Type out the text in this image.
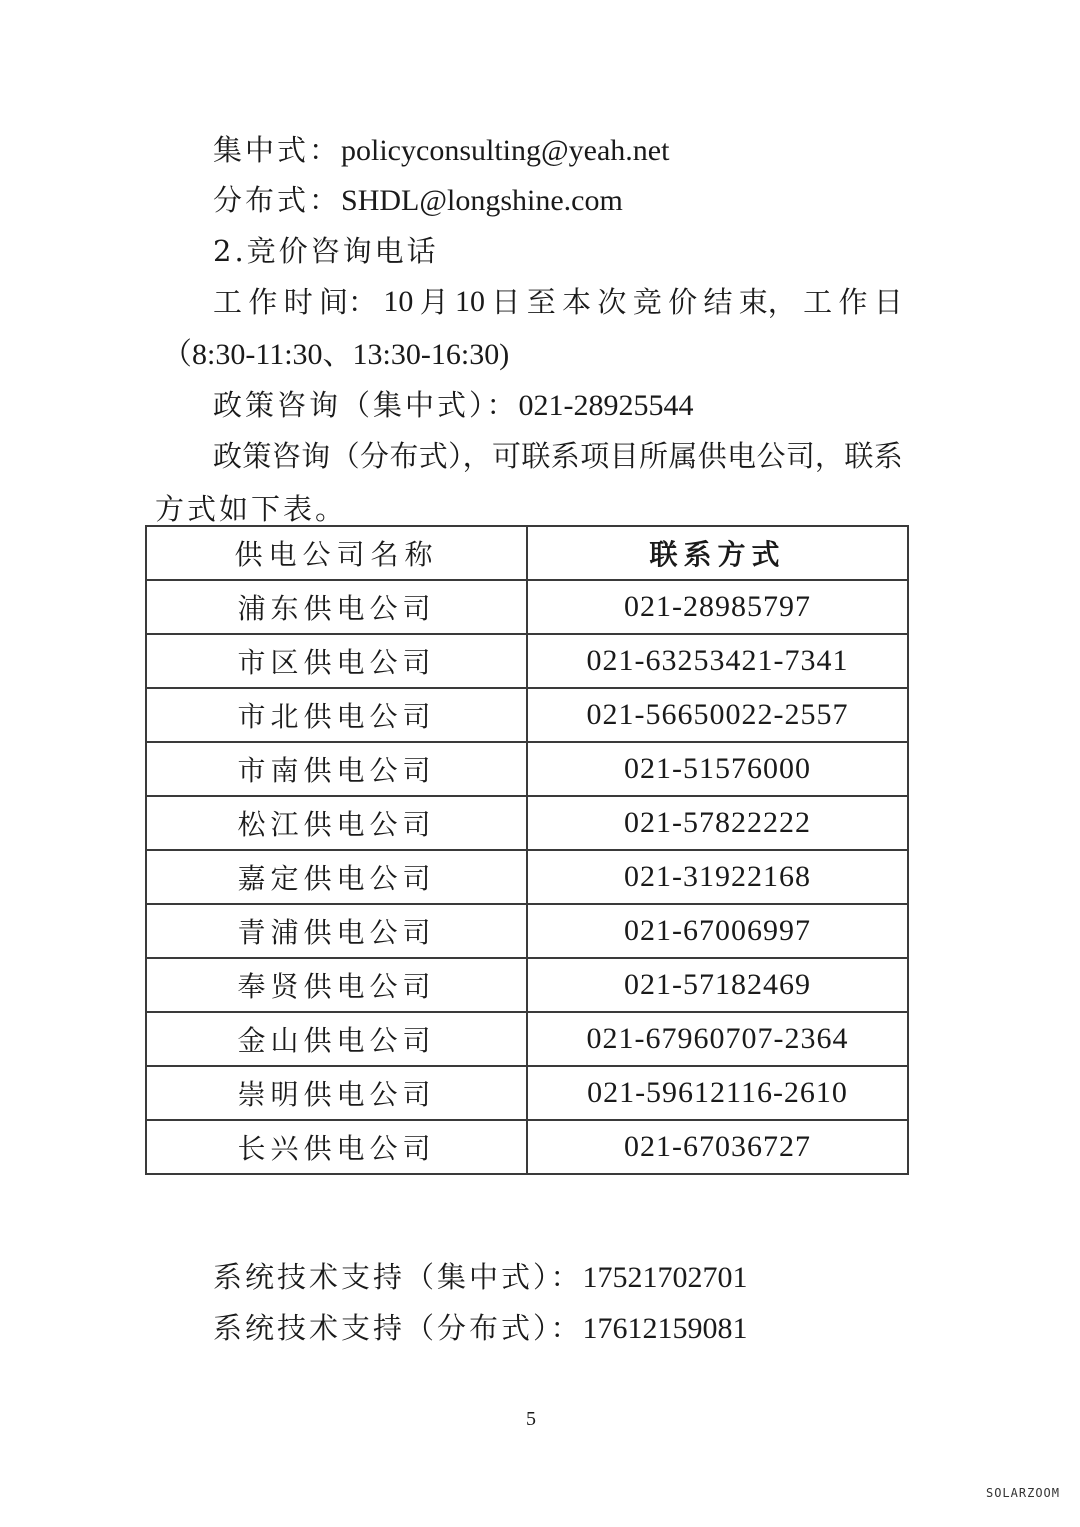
集中式：policyconsulting@yeah.net
分布式：SHDL@longshine.com
2.竞价咨询电话
工 作 时 间： 10 月 10 日 至 本 次 竞 价 结 束， 工 作 日
（8:30-11:30、13:30-16:30)
政策咨询（集中式）：021-28925544
政 策 咨 询 （ 分 布 式 ）， 可 联 系 项 目 所 属 供 电 公 司， 联 系
方式如下表。
供电公司名称	联系方式
浦东供电公司	021-28985797
市区供电公司	021-63253421-7341
市北供电公司	021-56650022-2557
市南供电公司	021-51576000
松江供电公司	021-57822222
嘉定供电公司	021-31922168
青浦供电公司	021-67006997
奉贤供电公司	021-57182469
金山供电公司	021-67960707-2364
崇明供电公司	021-59612116-2610
长兴供电公司	021-67036727
系统技术支持（集中式）：17521702701
系统技术支持（分布式）：17612159081
5
SOLARZOOM
